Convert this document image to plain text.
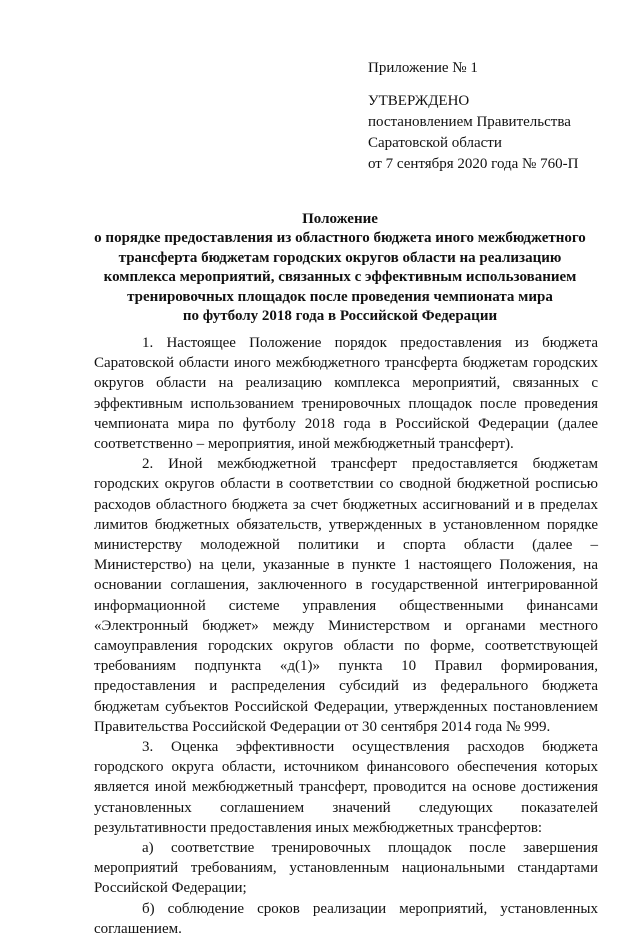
Приложение № 1
УТВЕРЖДЕНО
постановлением Правительства
Саратовской области
от 7 сентября 2020 года № 760-П
Положение
о порядке предоставления из областного бюджета иного межбюджетного
трансферта бюджетам городских округов области на реализацию
комплекса мероприятий, связанных с эффективным использованием
тренировочных площадок после проведения чемпионата мира
по футболу 2018 года в Российской Федерации

1. Настоящее Положение порядок предоставления из бюджета Саратовской области иного межбюджетного трансферта бюджетам городских округов области на реализацию комплекса мероприятий, связанных с эффективным использованием тренировочных площадок после проведения чемпионата мира по футболу 2018 года в Российской Федерации (далее соответственно – мероприятия, иной межбюджетный трансферт).

2. Иной межбюджетной трансферт предоставляется бюджетам городских округов области в соответствии со сводной бюджетной росписью расходов областного бюджета за счет бюджетных ассигнований и в пределах лимитов бюджетных обязательств, утвержденных в установленном порядке министерству молодежной политики и спорта области (далее – Министерство) на цели, указанные в пункте 1 настоящего Положения, на основании соглашения, заключенного в государственной интегрированной информационной системе управления общественными финансами «Электронный бюджет» между Министерством и органами местного самоуправления городских округов области по форме, соответствующей требованиям подпункта «д(1)» пункта 10 Правил формирования, предоставления и распределения субсидий из федерального бюджета бюджетам субъектов Российской Федерации, утвержденных постановлением Правительства Российской Федерации от 30 сентября 2014 года № 999.

3. Оценка эффективности осуществления расходов бюджета городского округа области, источником финансового обеспечения которых является иной межбюджетный трансферт, проводится на основе достижения установленных соглашением значений следующих показателей результативности предоставления иных межбюджетных трансфертов:

а) соответствие тренировочных площадок после завершения мероприятий требованиям, установленным национальными стандартами Российской Федерации;

б) соблюдение сроков реализации мероприятий, установленных соглашением.
